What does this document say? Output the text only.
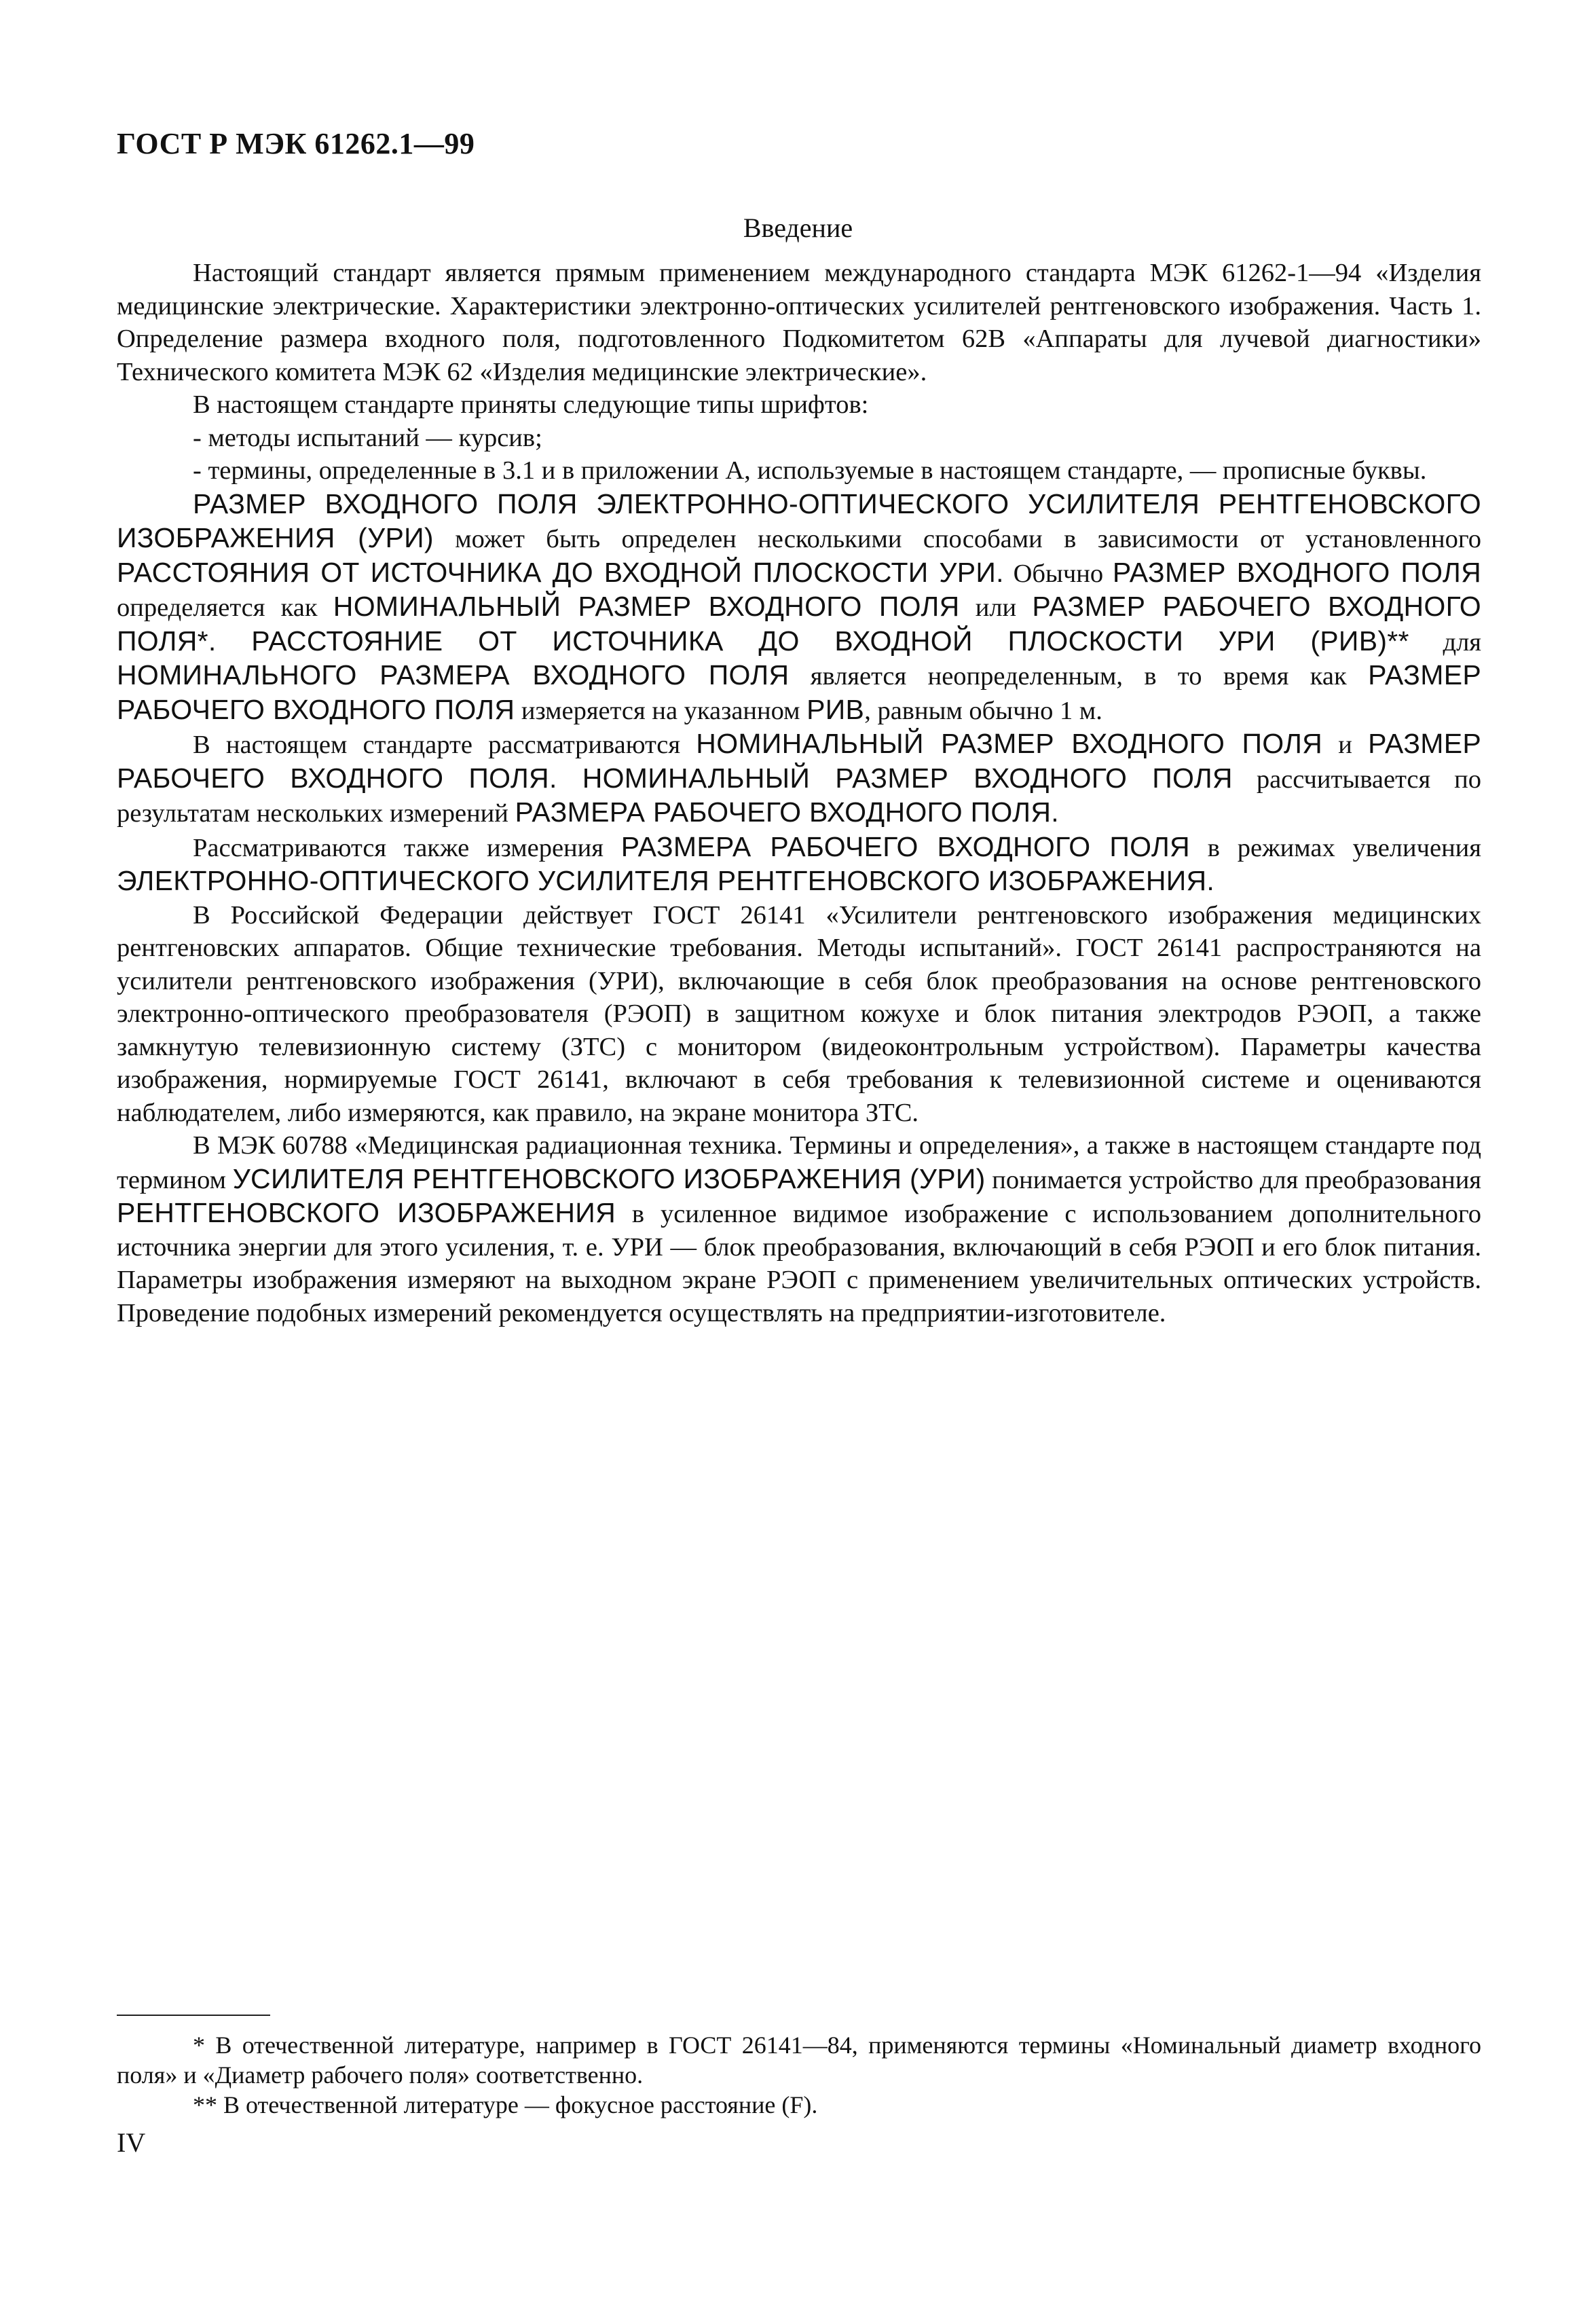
ГОСТ Р МЭК 61262.1—99
Введение

Настоящий стандарт является прямым применением международного стандарта МЭК 61262-1—94 «Изделия медицинские электрические. Характеристики электронно-оптических усилителей рентгеновского изображения. Часть 1. Определение размера входного поля, подготовленного Подкомитетом 62В «Аппараты для лучевой диагностики» Технического комитета МЭК 62 «Изделия медицинские электрические».

В настоящем стандарте приняты следующие типы шрифтов:

- методы испытаний — курсив;

- термины, определенные в 3.1 и в приложении А, используемые в настоящем стандарте, — прописные буквы.

РАЗМЕР ВХОДНОГО ПОЛЯ ЭЛЕКТРОННО-ОПТИЧЕСКОГО УСИЛИТЕЛЯ РЕНТГЕНОВСКОГО ИЗОБРАЖЕНИЯ (УРИ) может быть определен несколькими способами в зависимости от установленного РАССТОЯНИЯ ОТ ИСТОЧНИКА ДО ВХОДНОЙ ПЛОСКОСТИ УРИ. Обычно РАЗМЕР ВХОДНОГО ПОЛЯ определяется как НОМИНАЛЬНЫЙ РАЗМЕР ВХОДНОГО ПОЛЯ или РАЗМЕР РАБОЧЕГО ВХОДНОГО ПОЛЯ*. РАССТОЯНИЕ ОТ ИСТОЧНИКА ДО ВХОДНОЙ ПЛОСКОСТИ УРИ (РИВ)** для НОМИНАЛЬНОГО РАЗМЕРА ВХОДНОГО ПОЛЯ является неопределенным, в то время как РАЗМЕР РАБОЧЕГО ВХОДНОГО ПОЛЯ измеряется на указанном РИВ, равным обычно 1 м.

В настоящем стандарте рассматриваются НОМИНАЛЬНЫЙ РАЗМЕР ВХОДНОГО ПОЛЯ и РАЗМЕР РАБОЧЕГО ВХОДНОГО ПОЛЯ. НОМИНАЛЬНЫЙ РАЗМЕР ВХОДНОГО ПОЛЯ рассчитывается по результатам нескольких измерений РАЗМЕРА РАБОЧЕГО ВХОДНОГО ПОЛЯ.

Рассматриваются также измерения РАЗМЕРА РАБОЧЕГО ВХОДНОГО ПОЛЯ в режимах увеличения ЭЛЕКТРОННО-ОПТИЧЕСКОГО УСИЛИТЕЛЯ РЕНТГЕНОВСКОГО ИЗОБРАЖЕНИЯ.

В Российской Федерации действует ГОСТ 26141 «Усилители рентгеновского изображения медицинских рентгеновских аппаратов. Общие технические требования. Методы испытаний». ГОСТ 26141 распространяются на усилители рентгеновского изображения (УРИ), включающие в себя блок преобразования на основе рентгеновского электронно-оптического преобразователя (РЭОП) в защитном кожухе и блок питания электродов РЭОП, а также замкнутую телевизионную систему (ЗТС) с монитором (видеоконтрольным устройством). Параметры качества изображения, нормируемые ГОСТ 26141, включают в себя требования к телевизионной системе и оцениваются наблюдателем, либо измеряются, как правило, на экране монитора ЗТС.

В МЭК 60788 «Медицинская радиационная техника. Термины и определения», а также в настоящем стандарте под термином УСИЛИТЕЛЯ РЕНТГЕНОВСКОГО ИЗОБРАЖЕНИЯ (УРИ) понимается устройство для преобразования РЕНТГЕНОВСКОГО ИЗОБРАЖЕНИЯ в усиленное видимое изображение с использованием дополнительного источника энергии для этого усиления, т. е. УРИ — блок преобразования, включающий в себя РЭОП и его блок питания. Параметры изображения измеряют на выходном экране РЭОП с применением увеличительных оптических устройств. Проведение подобных измерений рекомендуется осуществлять на предприятии-изготовителе.

* В отечественной литературе, например в ГОСТ 26141—84, применяются термины «Номинальный диаметр входного поля» и «Диаметр рабочего поля» соответственно.

** В отечественной литературе — фокусное расстояние (F).

IV
